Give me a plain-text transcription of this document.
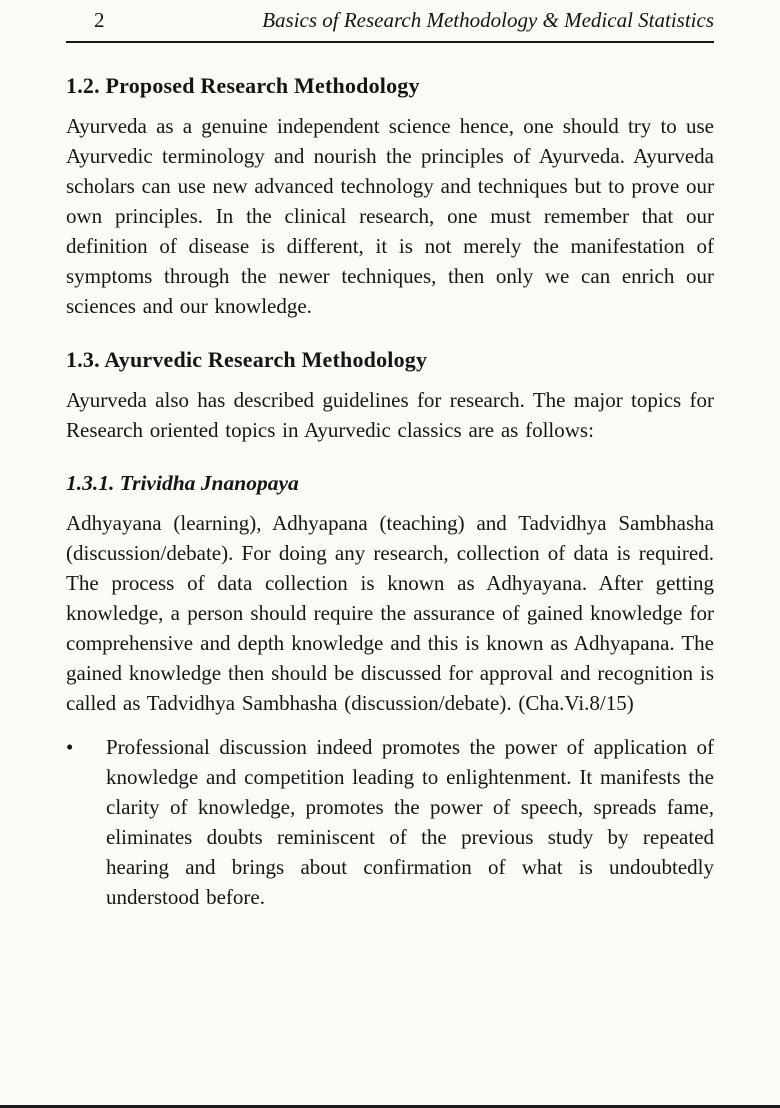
2	Basics of Research Methodology & Medical Statistics
1.2. Proposed Research Methodology

Ayurveda as a genuine independent science hence, one should try to use Ayurvedic terminology and nourish the principles of Ayurveda. Ayurveda scholars can use new advanced technology and techniques but to prove our own principles. In the clinical research, one must remember that our definition of disease is different, it is not merely the manifestation of symptoms through the newer techniques, then only we can enrich our sciences and our knowledge.

1.3. Ayurvedic Research Methodology

Ayurveda also has described guidelines for research. The major topics for Research oriented topics in Ayurvedic classics are as follows:

1.3.1. Trividha Jnanopaya

Adhyayana (learning), Adhyapana (teaching) and Tadvidhya Sambhasha (discussion/debate). For doing any research, collection of data is required. The process of data collection is known as Adhyayana. After getting knowledge, a person should require the assurance of gained knowledge for comprehensive and depth knowledge and this is known as Adhyapana. The gained knowledge then should be discussed for approval and recognition is called as Tadvidhya Sambhasha (discussion/debate). (Cha.Vi.8/15)

•	Professional discussion indeed promotes the power of application of knowledge and competition leading to enlightenment. It manifests the clarity of knowledge, promotes the power of speech, spreads fame, eliminates doubts reminiscent of the previous study by repeated hearing and brings about confirmation of what is undoubtedly understood before.
